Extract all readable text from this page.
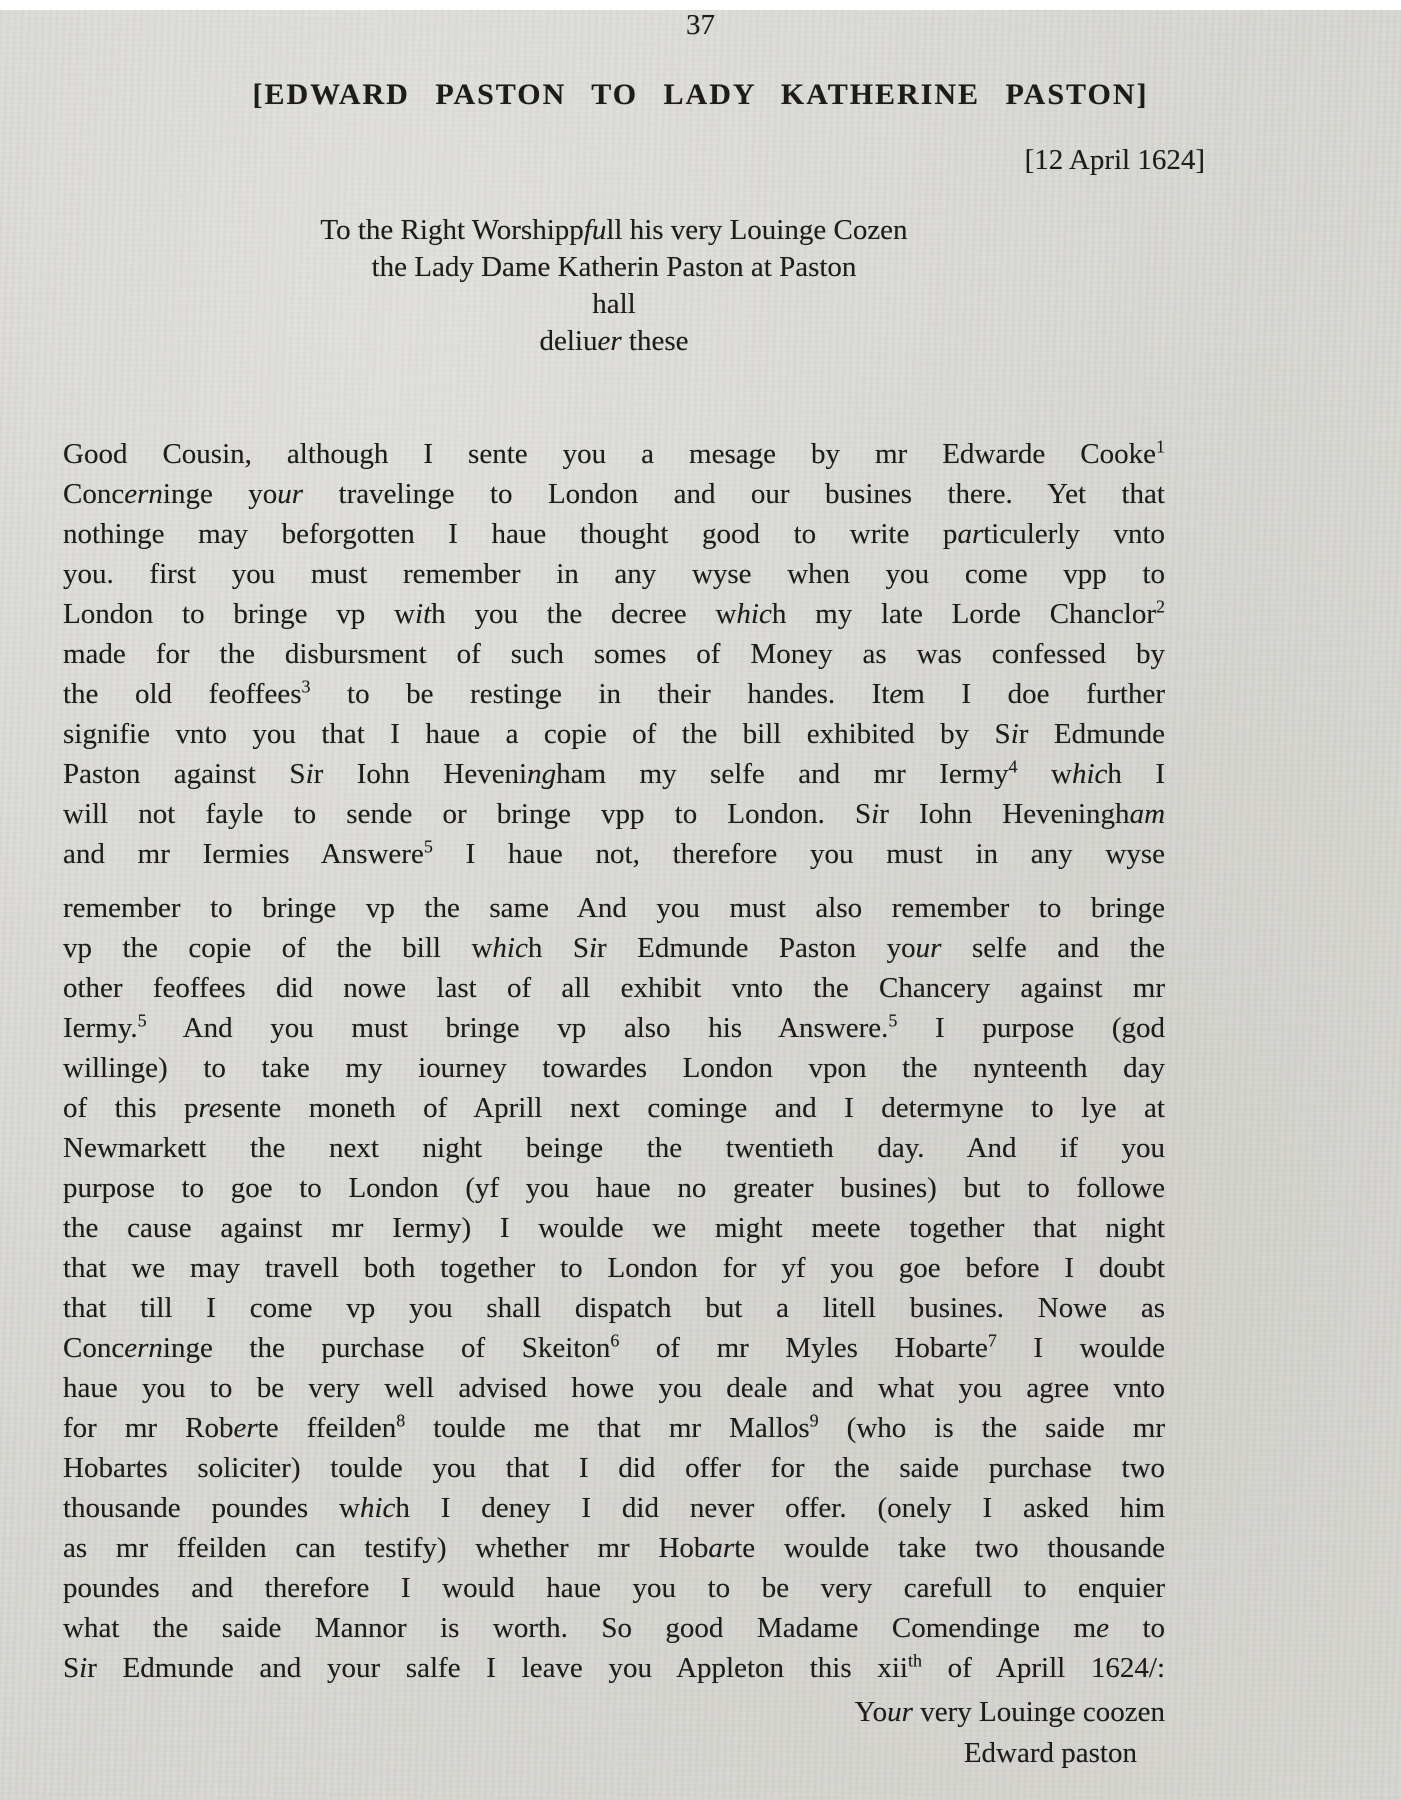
37
[EDWARD PASTON TO LADY KATHERINE PASTON]
[12 April 1624]
To the Right Worshippfull his very Louinge Cozen
the Lady Dame Katherin Paston at Paston
hall
deliuer these
Good Cousin, although I sente you a mesage by mr Edwarde Cooke$^1$
Concerninge your travelinge to London and our busines there. Yet that
nothinge may beforgotten I haue thought good to write particulerly vnto
you. first you must remember in any wyse when you come vpp to
London to bringe vp with you the decree which my late Lorde Chanclor$^2$
made for the disbursment of such somes of Money as was confessed by
the old feoffees$^3$ to be restinge in their handes. Item I doe further
signifie vnto you that I haue a copie of the bill exhibited by Sir Edmunde
Paston against Sir Iohn Heveningham my selfe and mr Iermy$^4$ which I
will not fayle to sende or bringe vpp to London. Sir Iohn Heveningham
and mr Iermies Answere$^5$ I haue not, therefore you must in any wyse
remember to bringe vp the same And you must also remember to bringe
vp the copie of the bill which Sir Edmunde Paston your selfe and the
other feoffees did nowe last of all exhibit vnto the Chancery against mr
Iermy.$^5$ And you must bringe vp also his Answere.$^5$ I purpose (god
willinge) to take my iourney towardes London vpon the nynteenth day
of this presente moneth of Aprill next cominge and I determyne to lye at
Newmarkett the next night beinge the twentieth day. And if you
purpose to goe to London (yf you haue no greater busines) but to followe
the cause against mr Iermy) I woulde we might meete together that night
that we may travell both together to London for yf you goe before I doubt
that till I come vp you shall dispatch but a litell busines. Nowe as
Concerninge the purchase of Skeiton$^6$ of mr Myles Hobarte$^7$ I woulde
haue you to be very well advised howe you deale and what you agree vnto
for mr Roberte ffeilden$^8$ toulde me that mr Mallos$^9$ (who is the saide mr
Hobartes soliciter) toulde you that I did offer for the saide purchase two
thousande poundes which I deney I did never offer. (onely I asked him
as mr ffeilden can testify) whether mr Hobarte woulde take two thousande
poundes and therefore I would haue you to be very carefull to enquier
what the saide Mannor is worth. So good Madame Comendinge me to
Sir Edmunde and your salfe I leave you Appleton this xii$^{th}$ of Aprill 1624/:
Your very Louinge coozen
Edward paston
